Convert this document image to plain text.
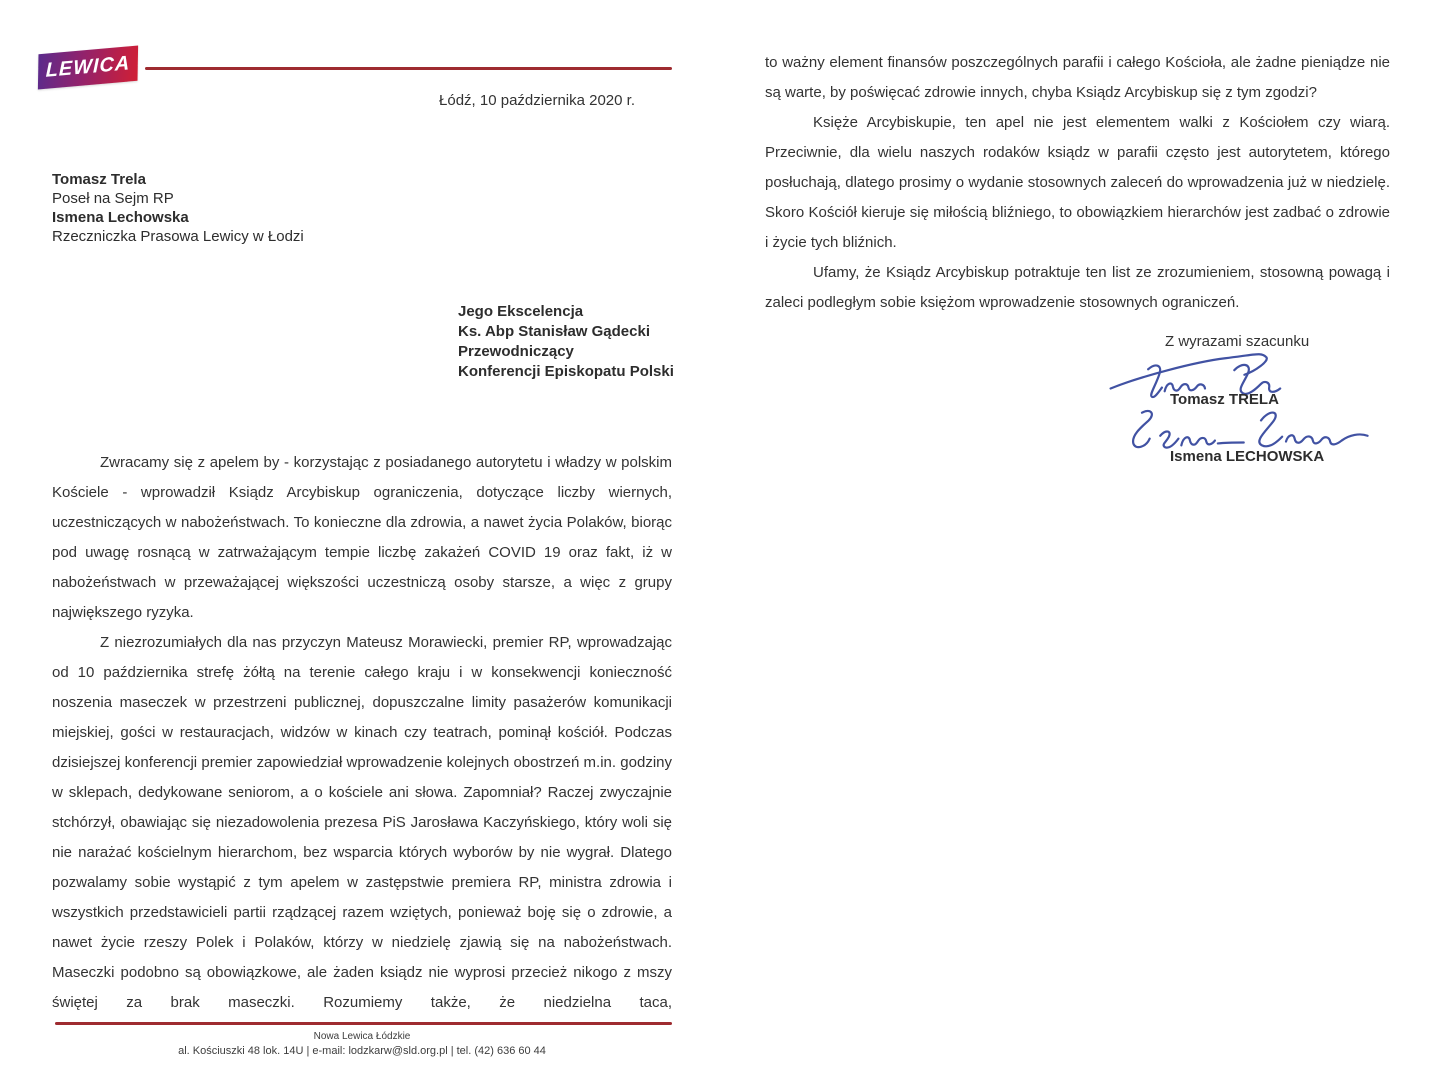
LEWICA
Łódź, 10 października 2020 r.
Tomasz Trela
Poseł na Sejm RP
Ismena Lechowska
Rzeczniczka Prasowa Lewicy w Łodzi
Jego Ekscelencja
Ks. Abp Stanisław Gądecki
Przewodniczący
Konferencji Episkopatu Polski

Zwracamy się z apelem by - korzystając z posiadanego autorytetu i władzy w polskim Kościele - wprowadził Ksiądz Arcybiskup ograniczenia, dotyczące liczby wiernych, uczestniczących w nabożeństwach. To konieczne dla zdrowia, a nawet życia Polaków, biorąc pod uwagę rosnącą w zatrważającym tempie liczbę zakażeń COVID 19 oraz fakt, iż w nabożeństwach w przeważającej większości uczestniczą osoby starsze, a więc z grupy największego ryzyka.

Z niezrozumiałych dla nas przyczyn Mateusz Morawiecki, premier RP, wprowadzając od 10 października strefę żółtą na terenie całego kraju i w konsekwencji konieczność noszenia maseczek w przestrzeni publicznej, dopuszczalne limity pasażerów komunikacji miejskiej, gości w restauracjach, widzów w kinach czy teatrach, pominął kościół. Podczas dzisiejszej konferencji premier zapowiedział wprowadzenie kolejnych obostrzeń m.in. godziny w sklepach, dedykowane seniorom, a o kościele ani słowa. Zapomniał? Raczej zwyczajnie stchórzył, obawiając się niezadowolenia prezesa PiS Jarosława Kaczyńskiego, który woli się nie narażać kościelnym hierarchom, bez wsparcia których wyborów by nie wygrał. Dlatego pozwalamy sobie wystąpić z tym apelem w zastępstwie premiera RP, ministra zdrowia i wszystkich przedstawicieli partii rządzącej razem wziętych, ponieważ boję się o zdrowie, a nawet życie rzeszy Polek i Polaków, którzy w niedzielę zjawią się na nabożeństwach. Maseczki podobno są obowiązkowe, ale żaden ksiądz nie wyprosi przecież nikogo z mszy świętej za brak maseczki. Rozumiemy także, że niedzielna taca,

Nowa Lewica Łódzkie
al. Kościuszki 48 lok. 14U | e-mail: lodzkarw@sld.org.pl | tel. (42) 636 60 44

to ważny element finansów poszczególnych parafii i całego Kościoła, ale żadne pieniądze nie są warte, by poświęcać zdrowie innych, chyba Ksiądz Arcybiskup się z tym zgodzi?

Księże Arcybiskupie, ten apel nie jest elementem walki z Kościołem czy wiarą. Przeciwnie, dla wielu naszych rodaków ksiądz w parafii często jest autorytetem, którego posłuchają, dlatego prosimy o wydanie stosownych zaleceń do wprowadzenia już w niedzielę. Skoro Kościół kieruje się miłością bliźniego, to obowiązkiem hierarchów jest zadbać o zdrowie i życie tych bliźnich.

Ufamy, że Ksiądz Arcybiskup potraktuje ten list ze zrozumieniem, stosowną powagą i zaleci podległym sobie księżom wprowadzenie stosownych ograniczeń.

Z wyrazami szacunku
Tomasz TRELA
Ismena LECHOWSKA
